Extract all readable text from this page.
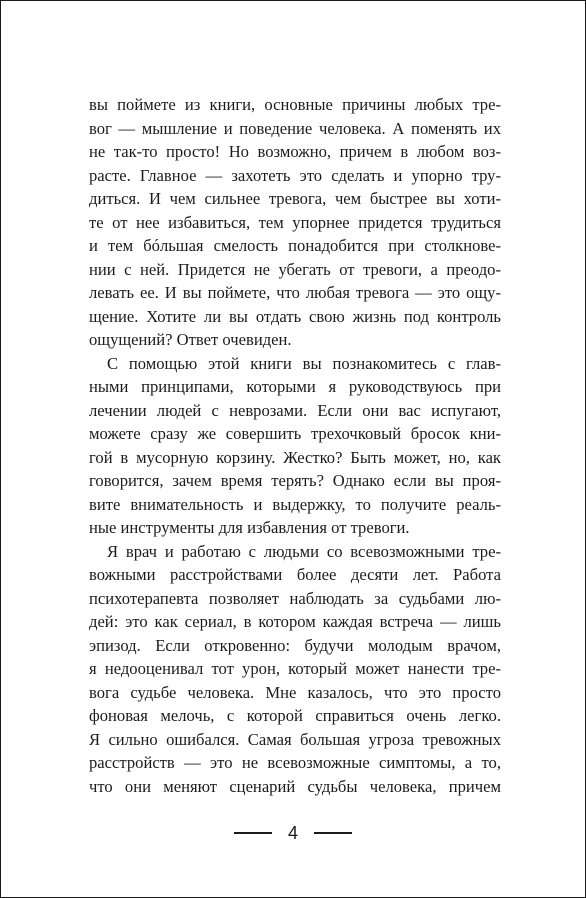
вы поймете из книги, основные причины любых тре-
вог — мышление и поведение человека. А поменять их
не так-то просто! Но возможно, причем в любом воз-
расте. Главное — захотеть это сделать и упорно тру-
диться. И чем сильнее тревога, чем быстрее вы хоти-
те от нее избавиться, тем упорнее придется трудиться
и тем бóльшая смелость понадобится при столкнове-
нии с ней. Придется не убегать от тревоги, а преодо-
левать ее. И вы поймете, что любая тревога — это ощу-
щение. Хотите ли вы отдать свою жизнь под контроль
ощущений? Ответ очевиден.
С помощью этой книги вы познакомитесь с глав-
ными принципами, которыми я руководствуюсь при
лечении людей с неврозами. Если они вас испугают,
можете сразу же совершить трехочковый бросок кни-
гой в мусорную корзину. Жестко? Быть может, но, как
говорится, зачем время терять? Однако если вы проя-
вите внимательность и выдержку, то получите реаль-
ные инструменты для избавления от тревоги.
Я врач и работаю с людьми со всевозможными тре-
вожными расстройствами более десяти лет. Работа
психотерапевта позволяет наблюдать за судьбами лю-
дей: это как сериал, в котором каждая встреча — лишь
эпизод. Если откровенно: будучи молодым врачом,
я недооценивал тот урон, который может нанести тре-
вога судьбе человека. Мне казалось, что это просто
фоновая мелочь, с которой справиться очень легко.
Я сильно ошибался. Самая большая угроза тревожных
расстройств — это не всевозможные симптомы, а то,
что они меняют сценарий судьбы человека, причем
4
